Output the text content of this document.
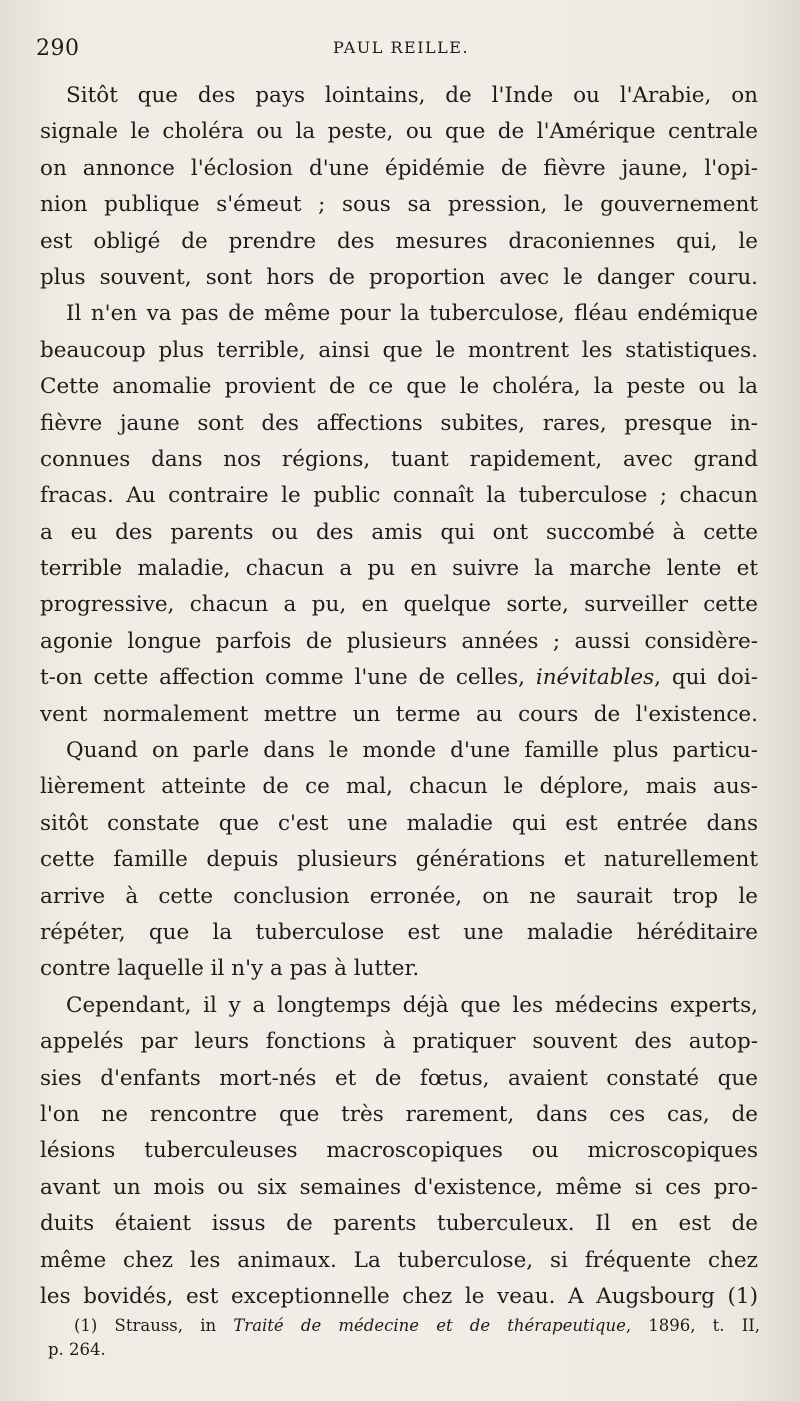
290	PAUL REILLE.
Sitôt que des pays lointains, de l'Inde ou l'Arabie, on
signale le choléra ou la peste, ou que de l'Amérique centrale
on annonce l'éclosion d'une épidémie de fièvre jaune, l'opi-
nion publique s'émeut ; sous sa pression, le gouvernement
est obligé de prendre des mesures draconiennes qui, le
plus souvent, sont hors de proportion avec le danger couru.
Il n'en va pas de même pour la tuberculose, fléau endémique
beaucoup plus terrible, ainsi que le montrent les statistiques.
Cette anomalie provient de ce que le choléra, la peste ou la
fièvre jaune sont des affections subites, rares, presque in-
connues dans nos régions, tuant rapidement, avec grand
fracas. Au contraire le public connaît la tuberculose ; chacun
a eu des parents ou des amis qui ont succombé à cette
terrible maladie, chacun a pu en suivre la marche lente et
progressive, chacun a pu, en quelque sorte, surveiller cette
agonie longue parfois de plusieurs années ; aussi considère-
t-on cette affection comme l'une de celles, inévitables, qui doi-
vent normalement mettre un terme au cours de l'existence.
Quand on parle dans le monde d'une famille plus particu-
lièrement atteinte de ce mal, chacun le déplore, mais aus-
sitôt constate que c'est une maladie qui est entrée dans
cette famille depuis plusieurs générations et naturellement
arrive à cette conclusion erronée, on ne saurait trop le
répéter, que la tuberculose est une maladie héréditaire
contre laquelle il n'y a pas à lutter.
Cependant, il y a longtemps déjà que les médecins experts,
appelés par leurs fonctions à pratiquer souvent des autop-
sies d'enfants mort-nés et de fœtus, avaient constaté que
l'on ne rencontre que très rarement, dans ces cas, de
lésions tuberculeuses macroscopiques ou microscopiques
avant un mois ou six semaines d'existence, même si ces pro-
duits étaient issus de parents tuberculeux. Il en est de
même chez les animaux. La tuberculose, si fréquente chez
les bovidés, est exceptionnelle chez le veau. A Augsbourg (1)
(1) Strauss, in Traité de médecine et de thérapeutique, 1896, t. II,
p. 264.
